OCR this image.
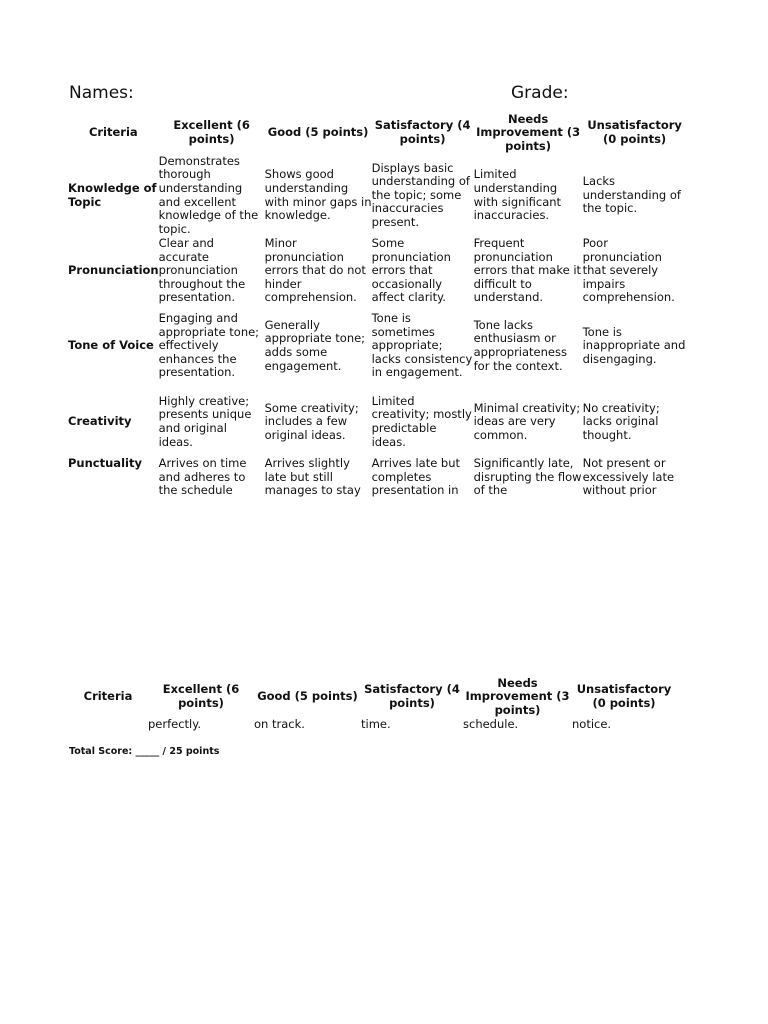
Names:	Grade:
Criteria	Excellent (6 points)	Good (5 points)	Satisfactory (4 points)	Needs Improvement (3 points)	Unsatisfactory (0 points)
Knowledge of Topic	Demonstrates thorough understanding and excellent knowledge of the topic.	Shows good understanding with minor gaps in knowledge.	Displays basic understanding of the topic; some inaccuracies present.	Limited understanding with significant inaccuracies.	Lacks understanding of the topic.
Pronunciation	Clear and accurate pronunciation throughout the presentation.	Minor pronunciation errors that do not hinder comprehension.	Some pronunciation errors that occasionally affect clarity.	Frequent pronunciation errors that make it difficult to understand.	Poor pronunciation that severely impairs comprehension.
Tone of Voice	Engaging and appropriate tone; effectively enhances the presentation.	Generally appropriate tone; adds some engagement.	Tone is sometimes appropriate; lacks consistency in engagement.	Tone lacks enthusiasm or appropriateness for the context.	Tone is inappropriate and disengaging.
Creativity	Highly creative; presents unique and original ideas.	Some creativity; includes a few original ideas.	Limited creativity; mostly predictable ideas.	Minimal creativity; ideas are very common.	No creativity; lacks original thought.
Punctuality	Arrives on time and adheres to the schedule	Arrives slightly late but still manages to stay	Arrives late but completes presentation in	Significantly late, disrupting the flow of the	Not present or excessively late without prior
Criteria	Excellent (6 points)	Good (5 points)	Satisfactory (4 points)	Needs Improvement (3 points)	Unsatisfactory (0 points)
	perfectly.	on track.	time.	schedule.	notice.
Total Score: _____ / 25 points
